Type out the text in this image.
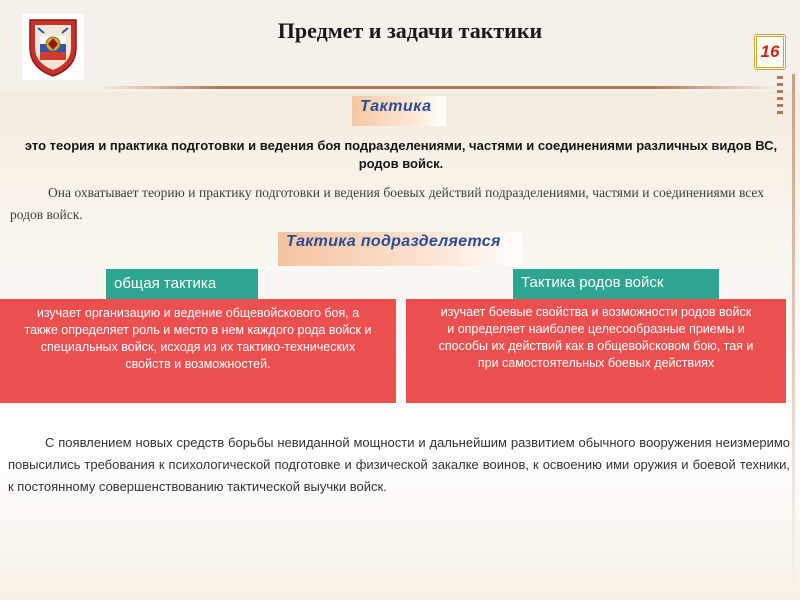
Предмет и задачи тактики
16
Тактика
это теория и практика подготовки и ведения боя подразделениями, частями и соединениями различных видов ВС, родов войск.
Она охватывает теорию и практику подготовки и ведения боевых действий подразделениями, частями и соединениями всех родов войск.
Тактика подразделяется
общая тактика	Тактика родов войск
изучает организацию и ведение общевойскового боя, а также определяет роль и место в нем каждого рода войск и специальных войск, исходя из их тактико-технических свойств и возможностей.
изучает боевые свойства и возможности родов войск и определяет наиболее целесообразные приемы и способы их действий как в общевойсковом бою, тая и при самостоятельных боевых действиях
С появлением новых средств борьбы невиданной мощности и дальнейшим развитием обычного вооружения неизмеримо повысились требования к психологической подготовке и физической закалке воинов, к освоению ими оружия и боевой техники, к постоянному совершенствованию тактической выучки войск.
